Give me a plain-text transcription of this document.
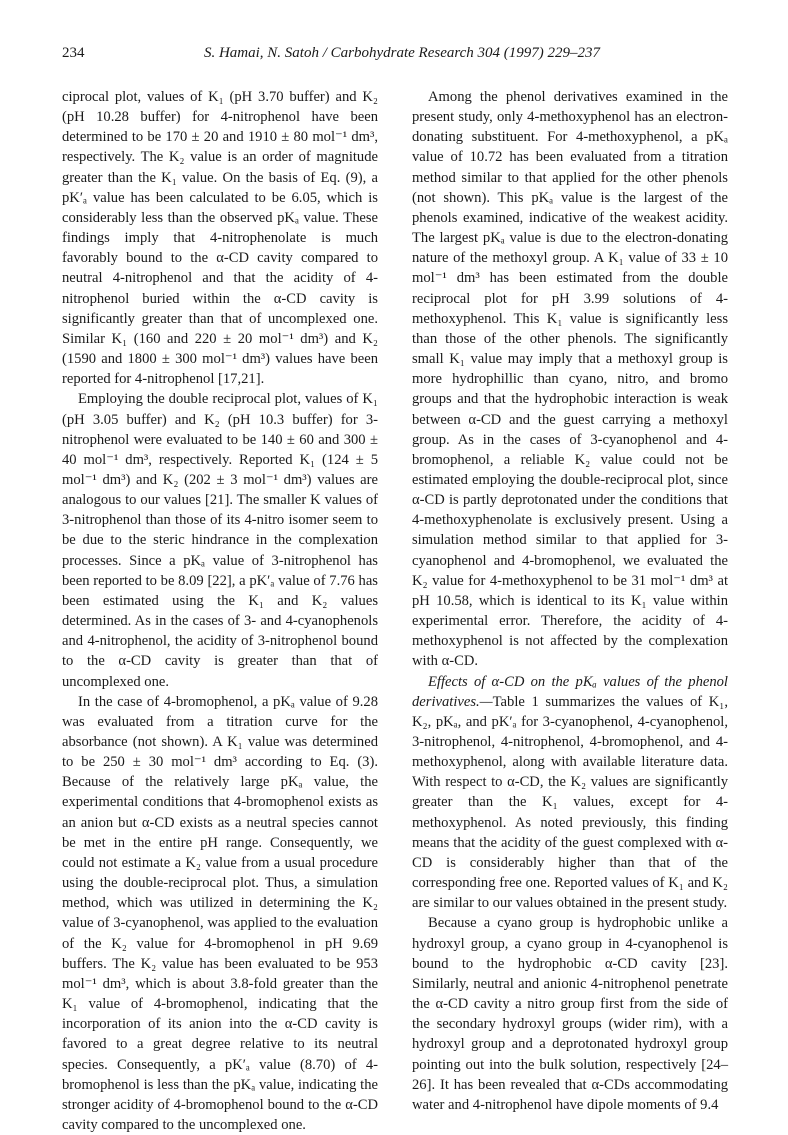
234	S. Hamai, N. Satoh / Carbohydrate Research 304 (1997) 229–237

ciprocal plot, values of K₁ (pH 3.70 buffer) and K₂ (pH 10.28 buffer) for 4-nitrophenol have been determined to be 170 ± 20 and 1910 ± 80 mol⁻¹ dm³, respectively. The K₂ value is an order of magnitude greater than the K₁ value. On the basis of Eq. (9), a pK′ₐ value has been calculated to be 6.05, which is considerably less than the observed pKₐ value. These findings imply that 4-nitrophenolate is much favorably bound to the α-CD cavity compared to neutral 4-nitrophenol and that the acidity of 4-nitrophenol buried within the α-CD cavity is significantly greater than that of uncomplexed one. Similar K₁ (160 and 220 ± 20 mol⁻¹ dm³) and K₂ (1590 and 1800 ± 300 mol⁻¹ dm³) values have been reported for 4-nitrophenol [17,21].

Employing the double reciprocal plot, values of K₁ (pH 3.05 buffer) and K₂ (pH 10.3 buffer) for 3-nitrophenol were evaluated to be 140 ± 60 and 300 ± 40 mol⁻¹ dm³, respectively. Reported K₁ (124 ± 5 mol⁻¹ dm³) and K₂ (202 ± 3 mol⁻¹ dm³) values are analogous to our values [21]. The smaller K values of 3-nitrophenol than those of its 4-nitro isomer seem to be due to the steric hindrance in the complexation processes. Since a pKₐ value of 3-nitrophenol has been reported to be 8.09 [22], a pK′ₐ value of 7.76 has been estimated using the K₁ and K₂ values determined. As in the cases of 3- and 4-cyanophenols and 4-nitrophenol, the acidity of 3-nitrophenol bound to the α-CD cavity is greater than that of uncomplexed one.

In the case of 4-bromophenol, a pKₐ value of 9.28 was evaluated from a titration curve for the absorbance (not shown). A K₁ value was determined to be 250 ± 30 mol⁻¹ dm³ according to Eq. (3). Because of the relatively large pKₐ value, the experimental conditions that 4-bromophenol exists as an anion but α-CD exists as a neutral species cannot be met in the entire pH range. Consequently, we could not estimate a K₂ value from a usual procedure using the double-reciprocal plot. Thus, a simulation method, which was utilized in determining the K₂ value of 3-cyanophenol, was applied to the evaluation of the K₂ value for 4-bromophenol in pH 9.69 buffers. The K₂ value has been evaluated to be 953 mol⁻¹ dm³, which is about 3.8-fold greater than the K₁ value of 4-bromophenol, indicating that the incorporation of its anion into the α-CD cavity is favored to a great degree relative to its neutral species. Consequently, a pK′ₐ value (8.70) of 4-bromophenol is less than the pKₐ value, indicating the stronger acidity of 4-bromophenol bound to the α-CD cavity compared to the uncomplexed one.

Among the phenol derivatives examined in the present study, only 4-methoxyphenol has an electron-donating substituent. For 4-methoxyphenol, a pKₐ value of 10.72 has been evaluated from a titration method similar to that applied for the other phenols (not shown). This pKₐ value is the largest of the phenols examined, indicative of the weakest acidity. The largest pKₐ value is due to the electron-donating nature of the methoxyl group. A K₁ value of 33 ± 10 mol⁻¹ dm³ has been estimated from the double reciprocal plot for pH 3.99 solutions of 4-methoxyphenol. This K₁ value is significantly less than those of the other phenols. The significantly small K₁ value may imply that a methoxyl group is more hydrophillic than cyano, nitro, and bromo groups and that the hydrophobic interaction is weak between α-CD and the guest carrying a methoxyl group. As in the cases of 3-cyanophenol and 4-bromophenol, a reliable K₂ value could not be estimated employing the double-reciprocal plot, since α-CD is partly deprotonated under the conditions that 4-methoxyphenolate is exclusively present. Using a simulation method similar to that applied for 3-cyanophenol and 4-bromophenol, we evaluated the K₂ value for 4-methoxyphenol to be 31 mol⁻¹ dm³ at pH 10.58, which is identical to its K₁ value within experimental error. Therefore, the acidity of 4-methoxyphenol is not affected by the complexation with α-CD.

Effects of α-CD on the pKₐ values of the phenol derivatives.—Table 1 summarizes the values of K₁, K₂, pKₐ, and pK′ₐ for 3-cyanophenol, 4-cyanophenol, 3-nitrophenol, 4-nitrophenol, 4-bromophenol, and 4-methoxyphenol, along with available literature data. With respect to α-CD, the K₂ values are significantly greater than the K₁ values, except for 4-methoxyphenol. As noted previously, this finding means that the acidity of the guest complexed with α-CD is considerably higher than that of the corresponding free one. Reported values of K₁ and K₂ are similar to our values obtained in the present study.

Because a cyano group is hydrophobic unlike a hydroxyl group, a cyano group in 4-cyanophenol is bound to the hydrophobic α-CD cavity [23]. Similarly, neutral and anionic 4-nitrophenol penetrate the α-CD cavity a nitro group first from the side of the secondary hydroxyl groups (wider rim), with a hydroxyl group and a deprotonated hydroxyl group pointing out into the bulk solution, respectively [24–26]. It has been revealed that α-CDs accommodating water and 4-nitrophenol have dipole moments of 9.4
